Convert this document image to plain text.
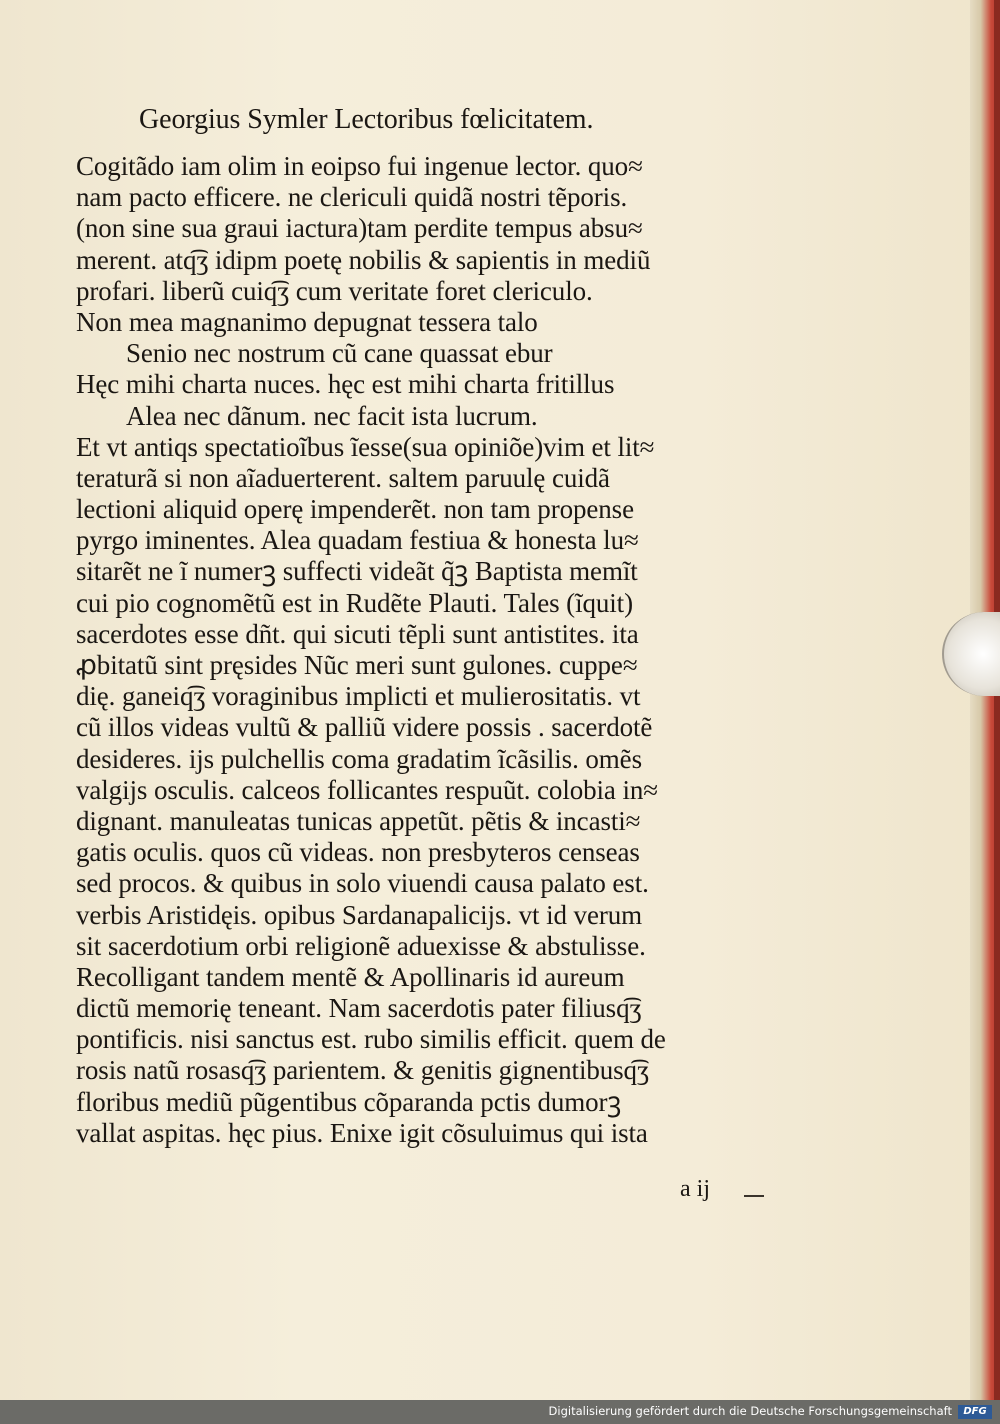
Georgius Symler Lectoribus fœlicitatem.
Cogitãdo iam olim in eoipso fui ingenue lector. quo≈
nam pacto efficere. ne clericuli quidã nostri tẽporis.
(non sine sua graui iactura)tam perdite tempus absu≈
merent. atq͡ʒ idipm poetę nobilis & sapientis in mediũ
profari. liberũ cuiq͡ʒ cum veritate foret clericulo.
Non mea magnanimo depugnat tessera talo
Senio nec nostrum cũ cane quassat ebur
Hęc mihi charta nuces. hęc est mihi charta fritillus
Alea nec dãnum. nec facit ista lucrum.
Et vt antiqs spectatioĩbus ĩesse(sua opiniõe)vim et lit≈
teraturã si non aĩaduerterent. saltem paruulę cuidã
lectioni aliquid operę impenderẽt. non tam propense
pyrgo iminentes. Alea quadam festiua & honesta lu≈
sitarẽt ne ĩ numerꝫ suffecti videãt q̃ꝫ Baptista memĩt
cui pio cognomẽtũ est in Rudẽte Plauti. Tales (ĩquit)
sacerdotes esse dñt. qui sicuti tẽpli sunt antistites. ita
ꝓbitatũ sint pręsides Nũc meri sunt gulones. cuppe≈
dię. ganeiq͡ʒ voraginibus implicti et mulierositatis. vt
cũ illos videas vultũ & palliũ videre possis . sacerdotẽ
desideres. ĳs pulchellis coma gradatim ĩcãsilis. omẽs
valgĳs osculis. calceos follicantes respuũt. colobia in≈
dignant. manuleatas tunicas appetũt. pẽtis & incasti≈
gatis oculis. quos cũ videas. non presbyteros censeas
sed procos. & quibus in solo viuendi causa palato est.
verbis Aristidęis. opibus Sardanapalicĳs. vt id verum
sit sacerdotium orbi religionẽ aduexisse & abstulisse.
Recolligant tandem mentẽ & Apollinaris id aureum
dictũ memorię teneant. Nam sacerdotis pater filiusq͡ʒ
pontificis. nisi sanctus est. rubo similis efficit. quem de
rosis natũ rosasq͡ʒ parientem. & genitis gignentibusq͡ʒ
floribus mediũ pũgentibus cõparanda pctis dumorꝫ
vallat aspitas. hęc pius. Enixe igit cõsuluimus qui ista
a ij
Digitalisierung gefördert durch die Deutsche Forschungsgemeinschaft	DFG
